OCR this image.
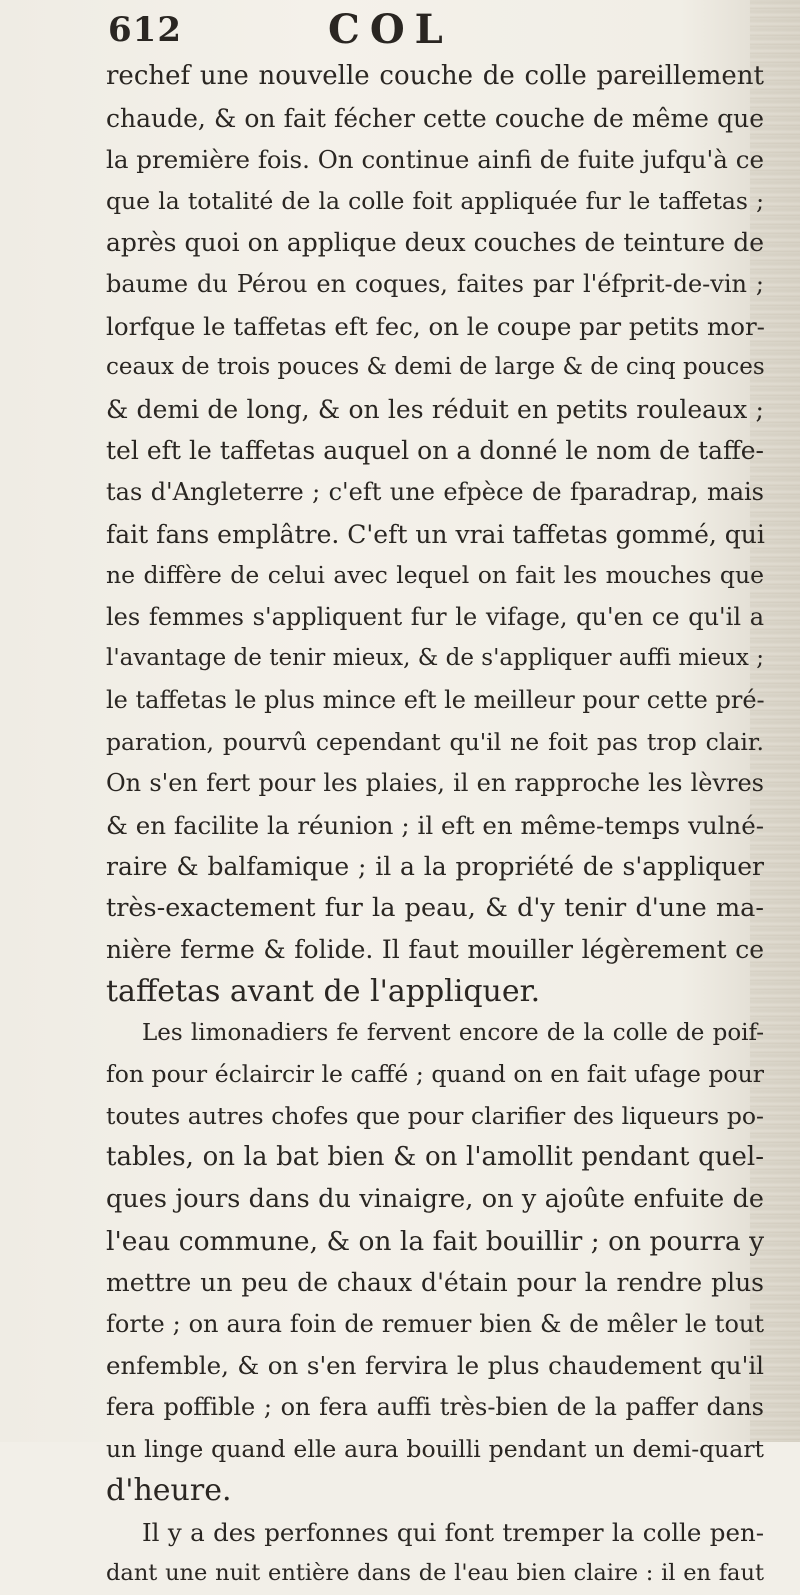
612	COL
rechef une nouvelle couche de colle pareillement
chaude, & on fait fécher cette couche de même que
la première fois. On continue ainfi de fuite jufqu'à ce
que la totalité de la colle foit appliquée fur le taffetas ;
après quoi on applique deux couches de teinture de
baume du Pérou en coques, faites par l'éfprit-de-vin ;
lorfque le taffetas eft fec, on le coupe par petits mor-
ceaux de trois pouces & demi de large & de cinq pouces
& demi de long, & on les réduit en petits rouleaux ;
tel eft le taffetas auquel on a donné le nom de taffe-
tas d'Angleterre ; c'eft une efpèce de fparadrap, mais
fait fans emplâtre. C'eft un vrai taffetas gommé, qui
ne diffère de celui avec lequel on fait les mouches que
les femmes s'appliquent fur le vifage, qu'en ce qu'il a
l'avantage de tenir mieux, & de s'appliquer auffi mieux ;
le taffetas le plus mince eft le meilleur pour cette pré-
paration, pourvû cependant qu'il ne foit pas trop clair.
On s'en fert pour les plaies, il en rapproche les lèvres
& en facilite la réunion ; il eft en même-temps vulné-
raire & balfamique ; il a la propriété de s'appliquer
très-exactement fur la peau, & d'y tenir d'une ma-
nière ferme & folide. Il faut mouiller légèrement ce
taffetas avant de l'appliquer.
Les limonadiers fe fervent encore de la colle de poif-
fon pour éclaircir le caffé ; quand on en fait ufage pour
toutes autres chofes que pour clarifier des liqueurs po-
tables, on la bat bien & on l'amollit pendant quel-
ques jours dans du vinaigre, on y ajoûte enfuite de
l'eau commune, & on la fait bouillir ; on pourra y
mettre un peu de chaux d'étain pour la rendre plus
forte ; on aura foin de remuer bien & de mêler le tout
enfemble, & on s'en fervira le plus chaudement qu'il
fera poffible ; on fera auffi très-bien de la paffer dans
un linge quand elle aura bouilli pendant un demi-quart
d'heure.
Il y a des perfonnes qui font tremper la colle pen-
dant une nuit entière dans de l'eau bien claire : il en faut
